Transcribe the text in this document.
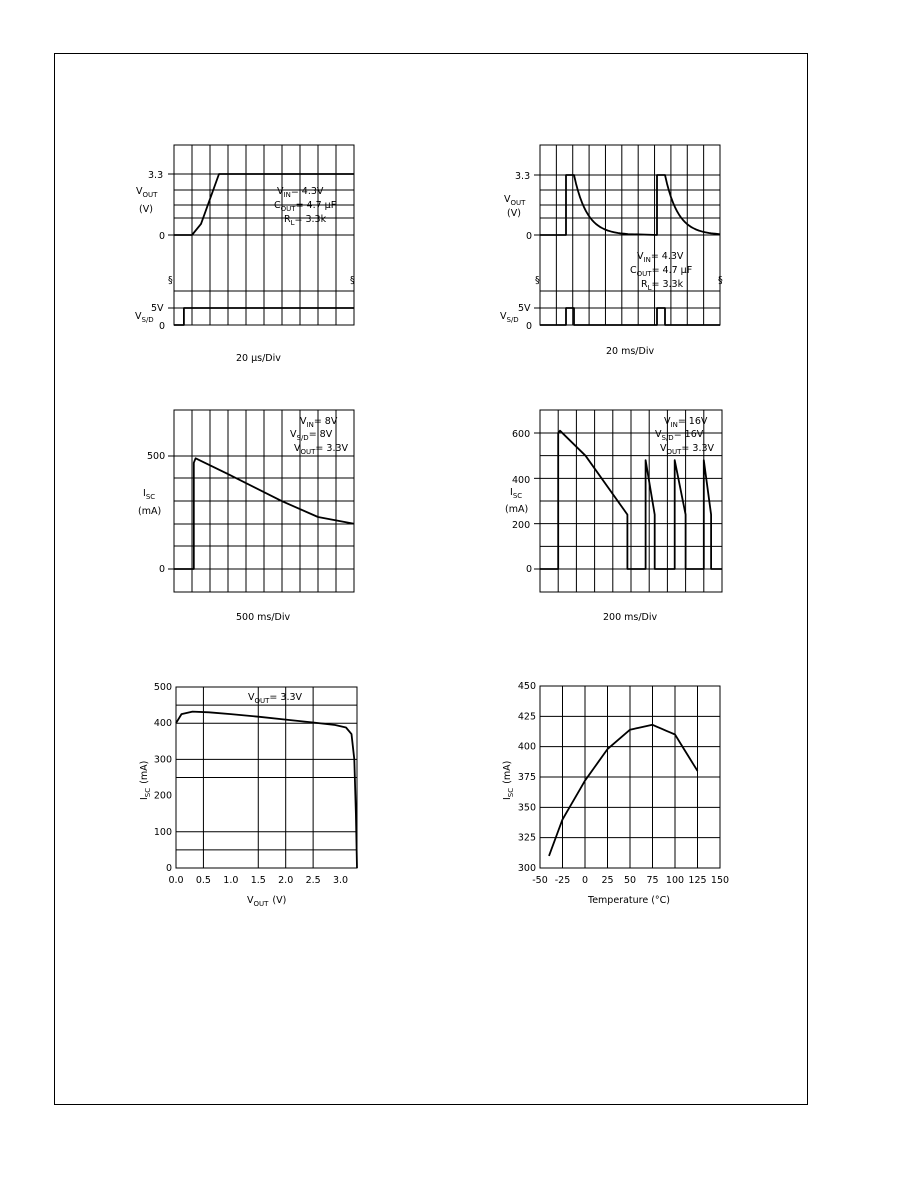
3.3
0
$V_{OUT}$
(V)
5V
$V_{S/D}$
0
$V_{IN}= 4.3V$
$C_{OUT}= 4.7$ μF
$R_L= 3.3k$
20 μs/Div
§	§
3.3
0
$V_{OUT}$
(V)
5V
$V_{S/D}$
0
$V_{IN}= 4.3V$
$C_{OUT}= 4.7$ μF
$R_L= 3.3k$
20 ms/Div
§	§
500
0
$I_{SC}$
(mA)
$V_{IN}= 8V$
$V_{S/D}= 8V$
$V_{OUT}= 3.3V$
500 ms/Div
600
400
200
0
$I_{SC}$
(mA)
$V_{IN}= 16V$
$V_{S/D}= 16V$
$V_{OUT}= 3.3V$
200 ms/Div
$I_{SC}(mA)$
$V_{OUT}$ (V)
$V_{OUT}= 3.3V$
0
100
200
300
400
500
0.0 0.5 1.0 1.5 2.0 2.5 3.0
$I_{SC}(mA)$
Temperature (°C)
300
325
350
375
400
425
450
-50 -25 0 25 50 75 100 125 150
